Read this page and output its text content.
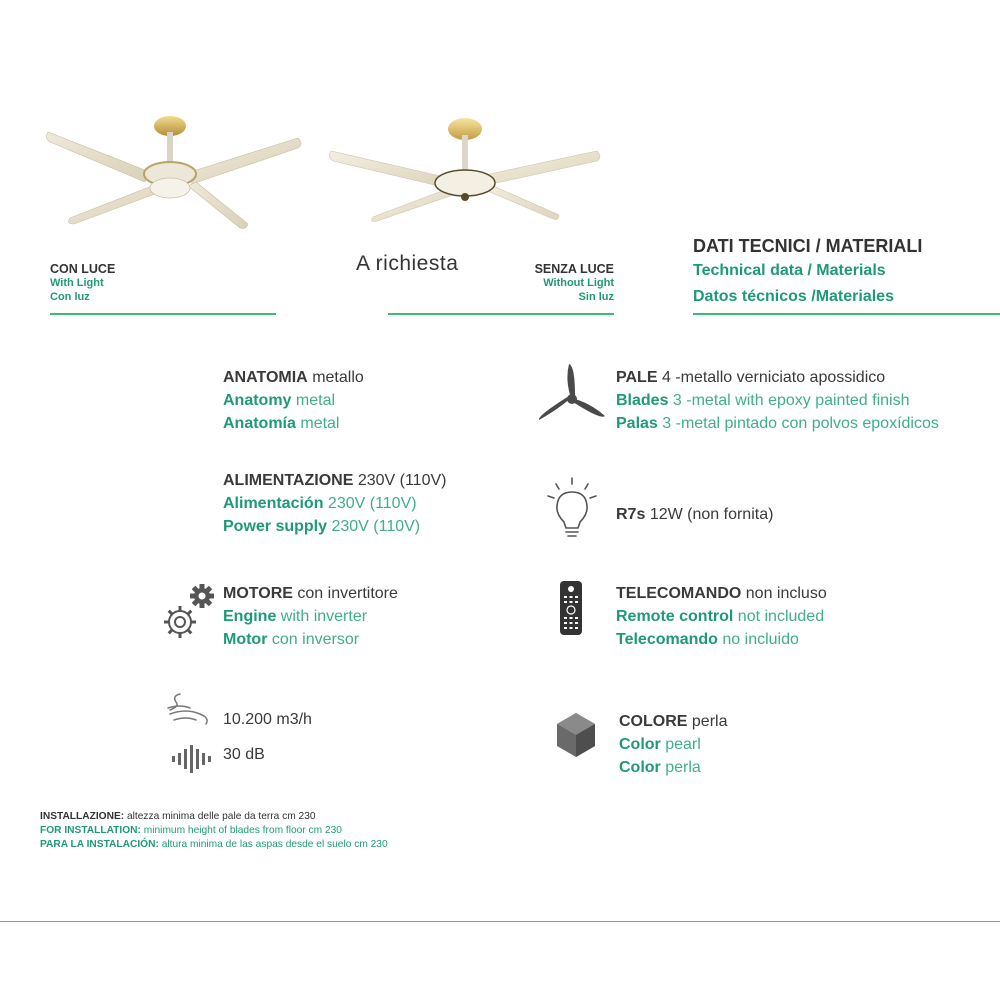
CON LUCE
With Light
Con luz
A richiesta	SENZA LUCE
Without Light
Sin luz
DATI TECNICI / MATERIALI
Technical data / Materials
Datos técnicos /Materiales
ANATOMIA metallo
Anatomy metal
Anatomía metal
ALIMENTAZIONE 230V (110V)
Alimentación 230V (110V)
Power supply 230V (110V)
MOTORE con invertitore
Engine with inverter
Motor con inversor
10.200 m3/h
30 dB
PALE 4 -metallo verniciato apossidico
Blades 3 -metal with epoxy painted finish
Palas 3 -metal pintado con polvos epoxídicos
R7s 12W (non fornita)
TELECOMANDO non incluso
Remote control not included
Telecomando no incluido
COLORE perla
Color pearl
Color perla
INSTALLAZIONE: altezza minima delle pale da terra cm 230
FOR INSTALLATION: minimum height of blades from floor cm 230
PARA LA INSTALACIÓN: altura minima de las aspas desde el suelo cm 230
